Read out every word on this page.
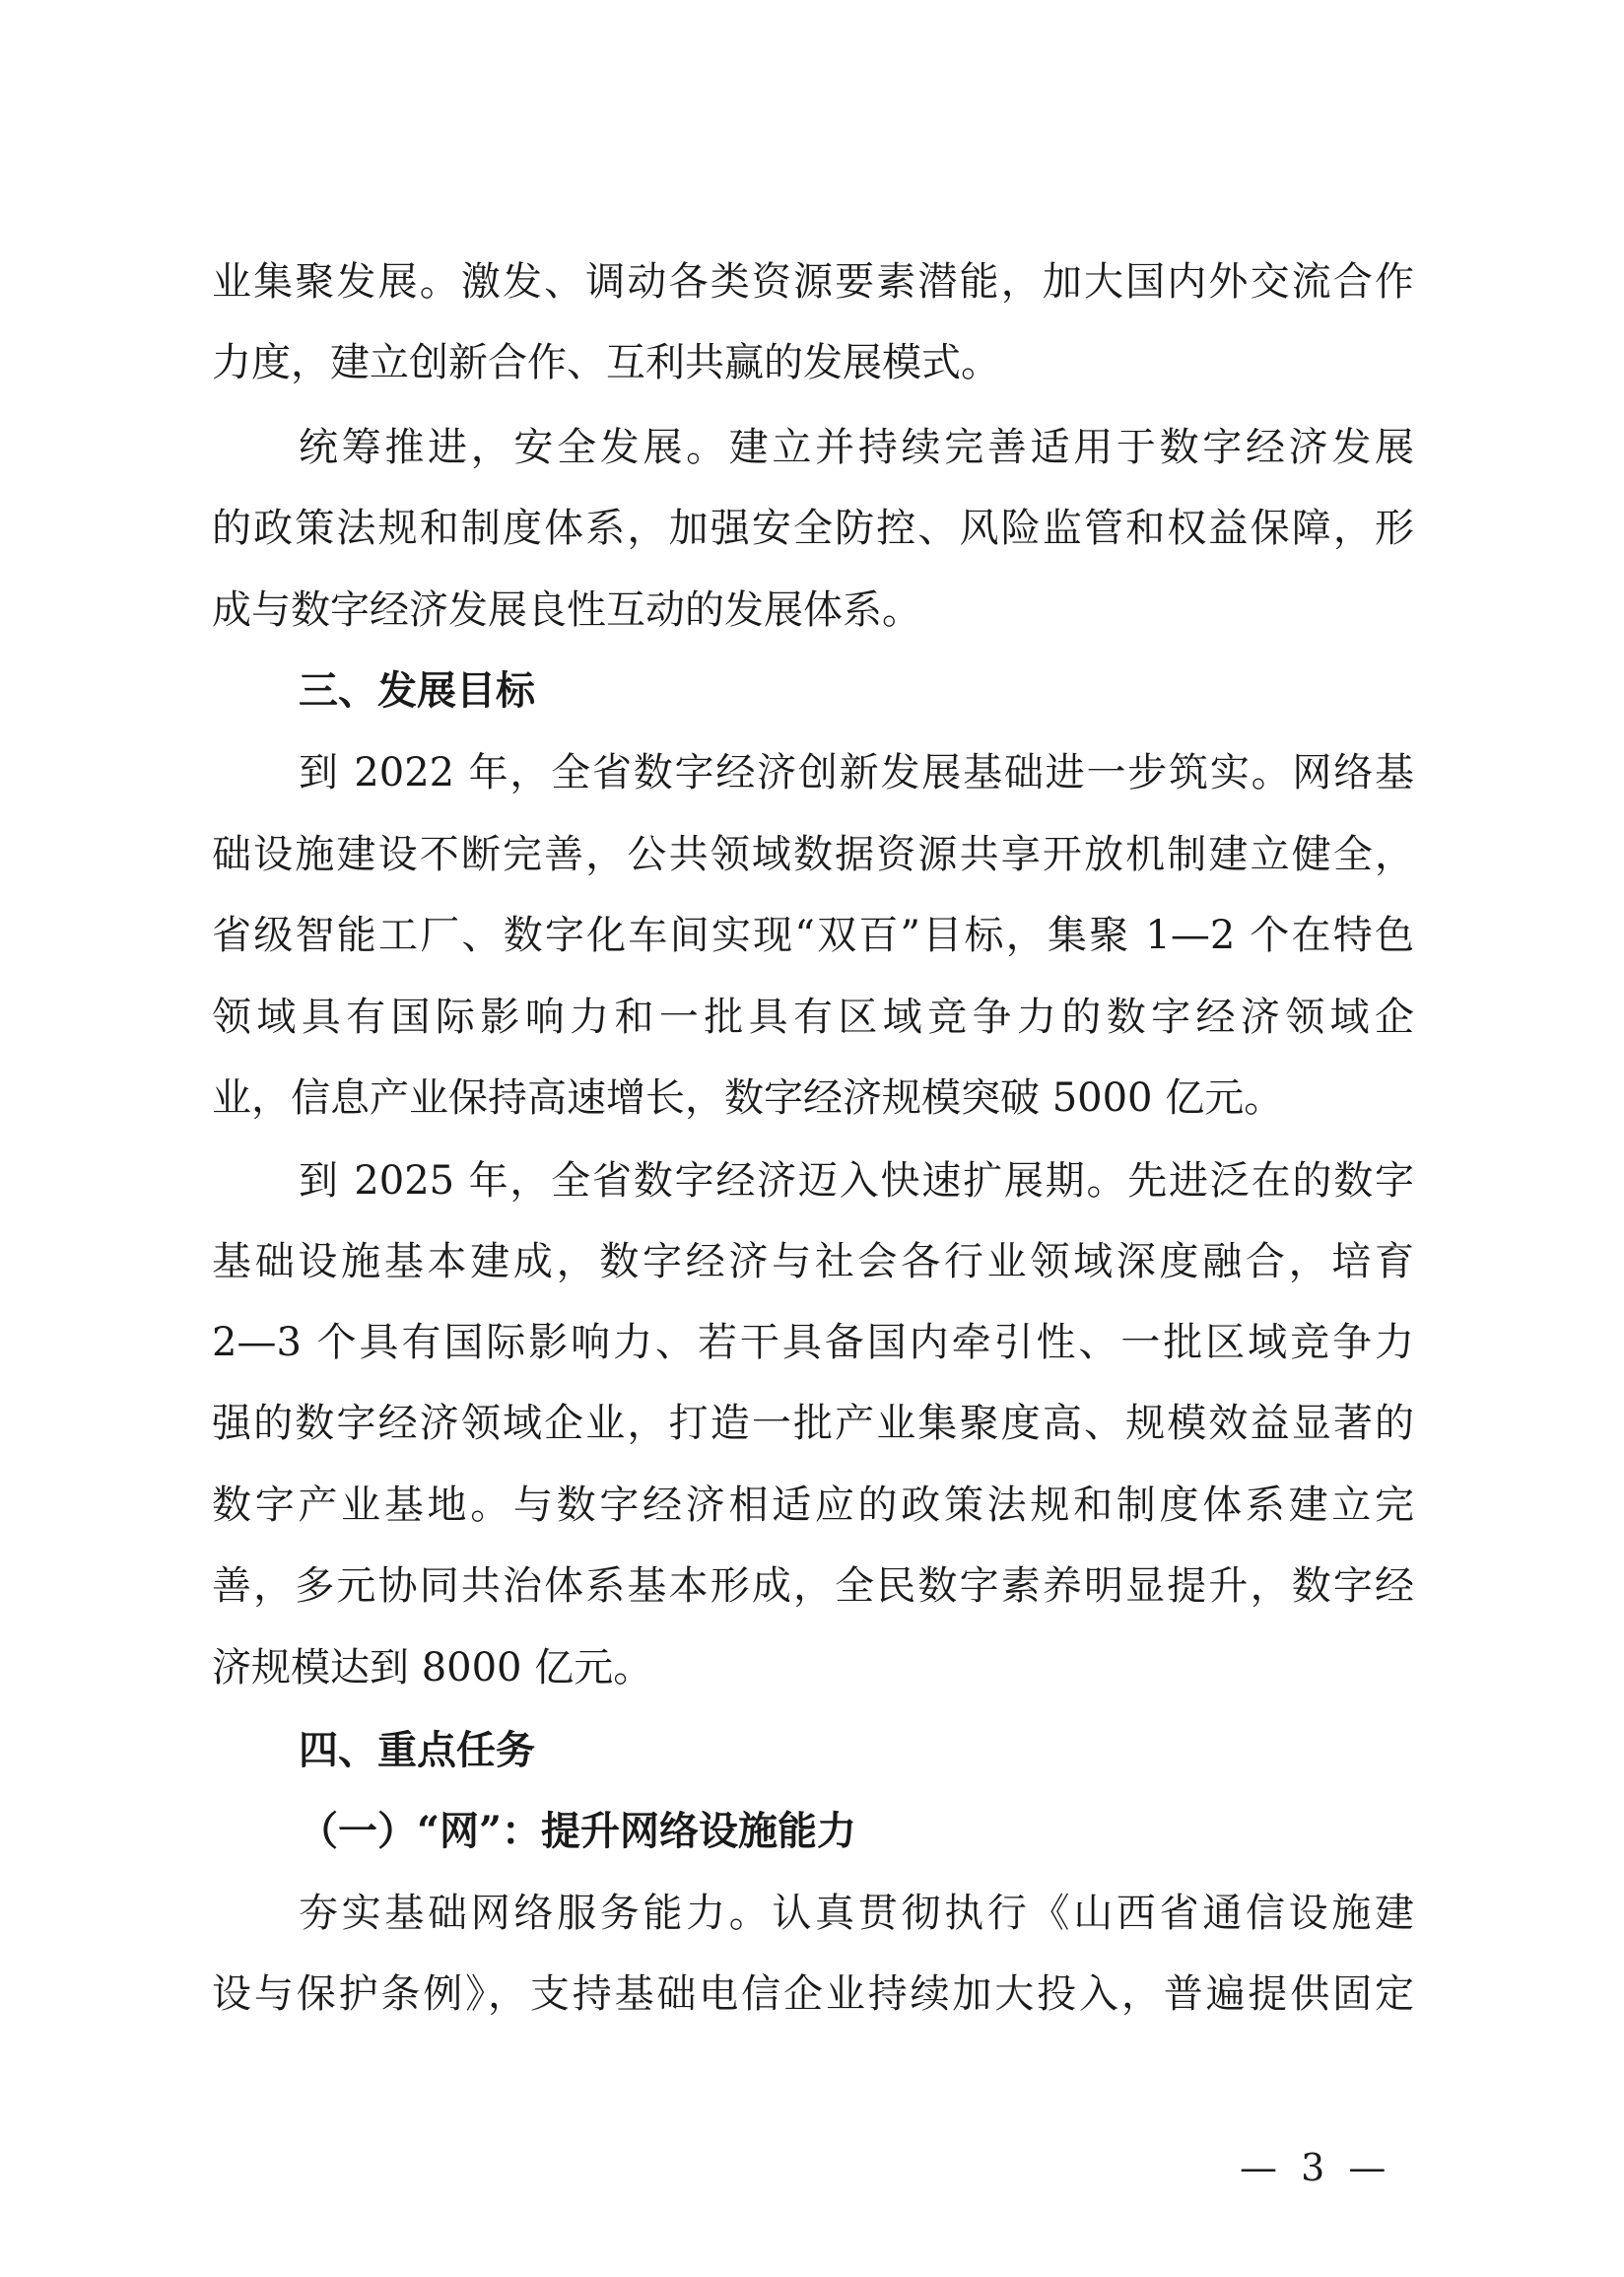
业集聚发展。激发、调动各类资源要素潜能，加大国内外交流合作
力度，建立创新合作、互利共赢的发展模式。
统筹推进，安全发展。建立并持续完善适用于数字经济发展
的政策法规和制度体系，加强安全防控、风险监管和权益保障，形
成与数字经济发展良性互动的发展体系。
三、发展目标
到 2022 年，全省数字经济创新发展基础进一步筑实。网络基
础设施建设不断完善，公共领域数据资源共享开放机制建立健全，
省级智能工厂、数字化车间实现“双百”目标，集聚 1—2 个在特色
领域具有国际影响力和一批具有区域竞争力的数字经济领域企
业，信息产业保持高速增长，数字经济规模突破 5000 亿元。
到 2025 年，全省数字经济迈入快速扩展期。先进泛在的数字
基础设施基本建成，数字经济与社会各行业领域深度融合，培育
2—3 个具有国际影响力、若干具备国内牵引性、一批区域竞争力
强的数字经济领域企业，打造一批产业集聚度高、规模效益显著的
数字产业基地。与数字经济相适应的政策法规和制度体系建立完
善，多元协同共治体系基本形成，全民数字素养明显提升，数字经
济规模达到 8000 亿元。
四、重点任务
（一）“网”：提升网络设施能力
夯实基础网络服务能力。认真贯彻执行《山西省通信设施建
设与保护条例》，支持基础电信企业持续加大投入，普遍提供固定
— 3 —
